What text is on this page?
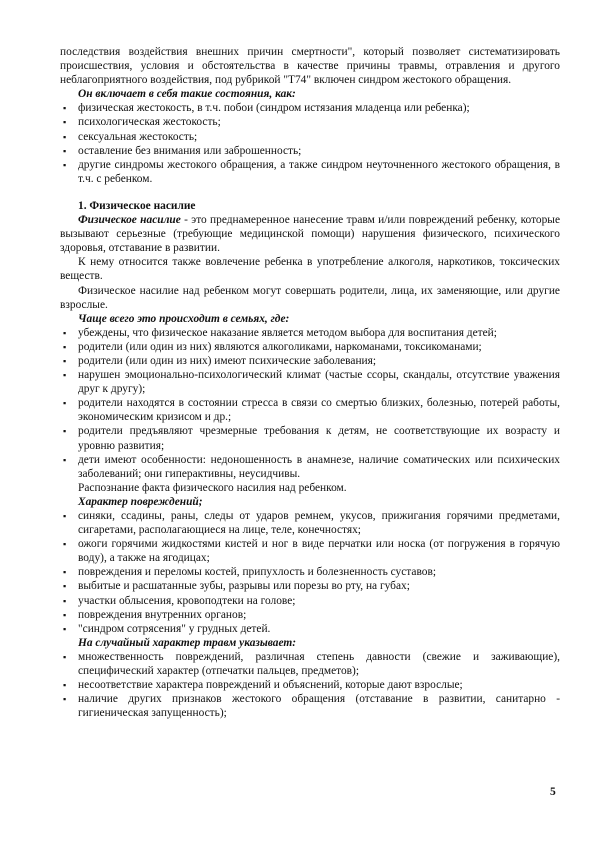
последствия воздействия внешних причин смертности", который позволяет систематизировать происшествия, условия и обстоятельства в качестве причины травмы, отравления и другого неблагоприятного воздействия, под рубрикой "Т74" включен синдром жестокого обращения.

Он включает в себя такие состояния, как:

▪ физическая жестокость, в т.ч. побои (синдром истязания младенца или ребенка);
▪ психологическая жестокость;
▪ сексуальная жестокость;
▪ оставление без внимания или заброшенность;
▪ другие синдромы жестокого обращения, а также синдром неуточненного жестокого обращения, в т.ч. с ребенком.

1. Физическое насилие

Физическое насилие - это преднамеренное нанесение травм и/или повреждений ребенку, которые вызывают серьезные (требующие медицинской помощи) нарушения физического, психического здоровья, отставание в развитии.

К нему относится также вовлечение ребенка в употребление алкоголя, наркотиков, токсических веществ.

Физическое насилие над ребенком могут совершать родители, лица, их заменяющие, или другие взрослые.

Чаще всего это происходит в семьях, где:

▪ убеждены, что физическое наказание является методом выбора для воспитания детей;
▪ родители (или один из них) являются алкоголиками, наркоманами, токсикоманами;
▪ родители (или один из них) имеют психические заболевания;
▪ нарушен эмоционально-психологический климат (частые ссоры, скандалы, отсутствие уважения друг к другу);
▪ родители находятся в состоянии стресса в связи со смертью близких, болезнью, потерей работы, экономическим кризисом и др.;
▪ родители предъявляют чрезмерные требования к детям, не соответствующие их возрасту и уровню развития;
▪ дети имеют особенности: недоношенность в анамнезе, наличие соматических или психических заболеваний; они гиперактивны, неусидчивы.

Распознание факта физического насилия над ребенком.

Характер повреждений;

▪ синяки, ссадины, раны, следы от ударов ремнем, укусов, прижигания горячими предметами, сигаретами, располагающиеся на лице, теле, конечностях;
▪ ожоги горячими жидкостями кистей и ног в виде перчатки или носка (от погружения в горячую воду), а также на ягодицах;
▪ повреждения и переломы костей, припухлость и болезненность суставов;
▪ выбитые и расшатанные зубы, разрывы или порезы во рту, на губах;
▪ участки облысения, кровоподтеки на голове;
▪ повреждения внутренних органов;
▪ "синдром сотрясения" у грудных детей.

На случайный характер травм указывает:

▪ множественность повреждений, различная степень давности (свежие и заживающие), специфический характер (отпечатки пальцев, предметов);
▪ несоответствие характера повреждений и объяснений, которые дают взрослые;
▪ наличие других признаков жестокого обращения (отставание в развитии, санитарно - гигиеническая запущенность);
5
